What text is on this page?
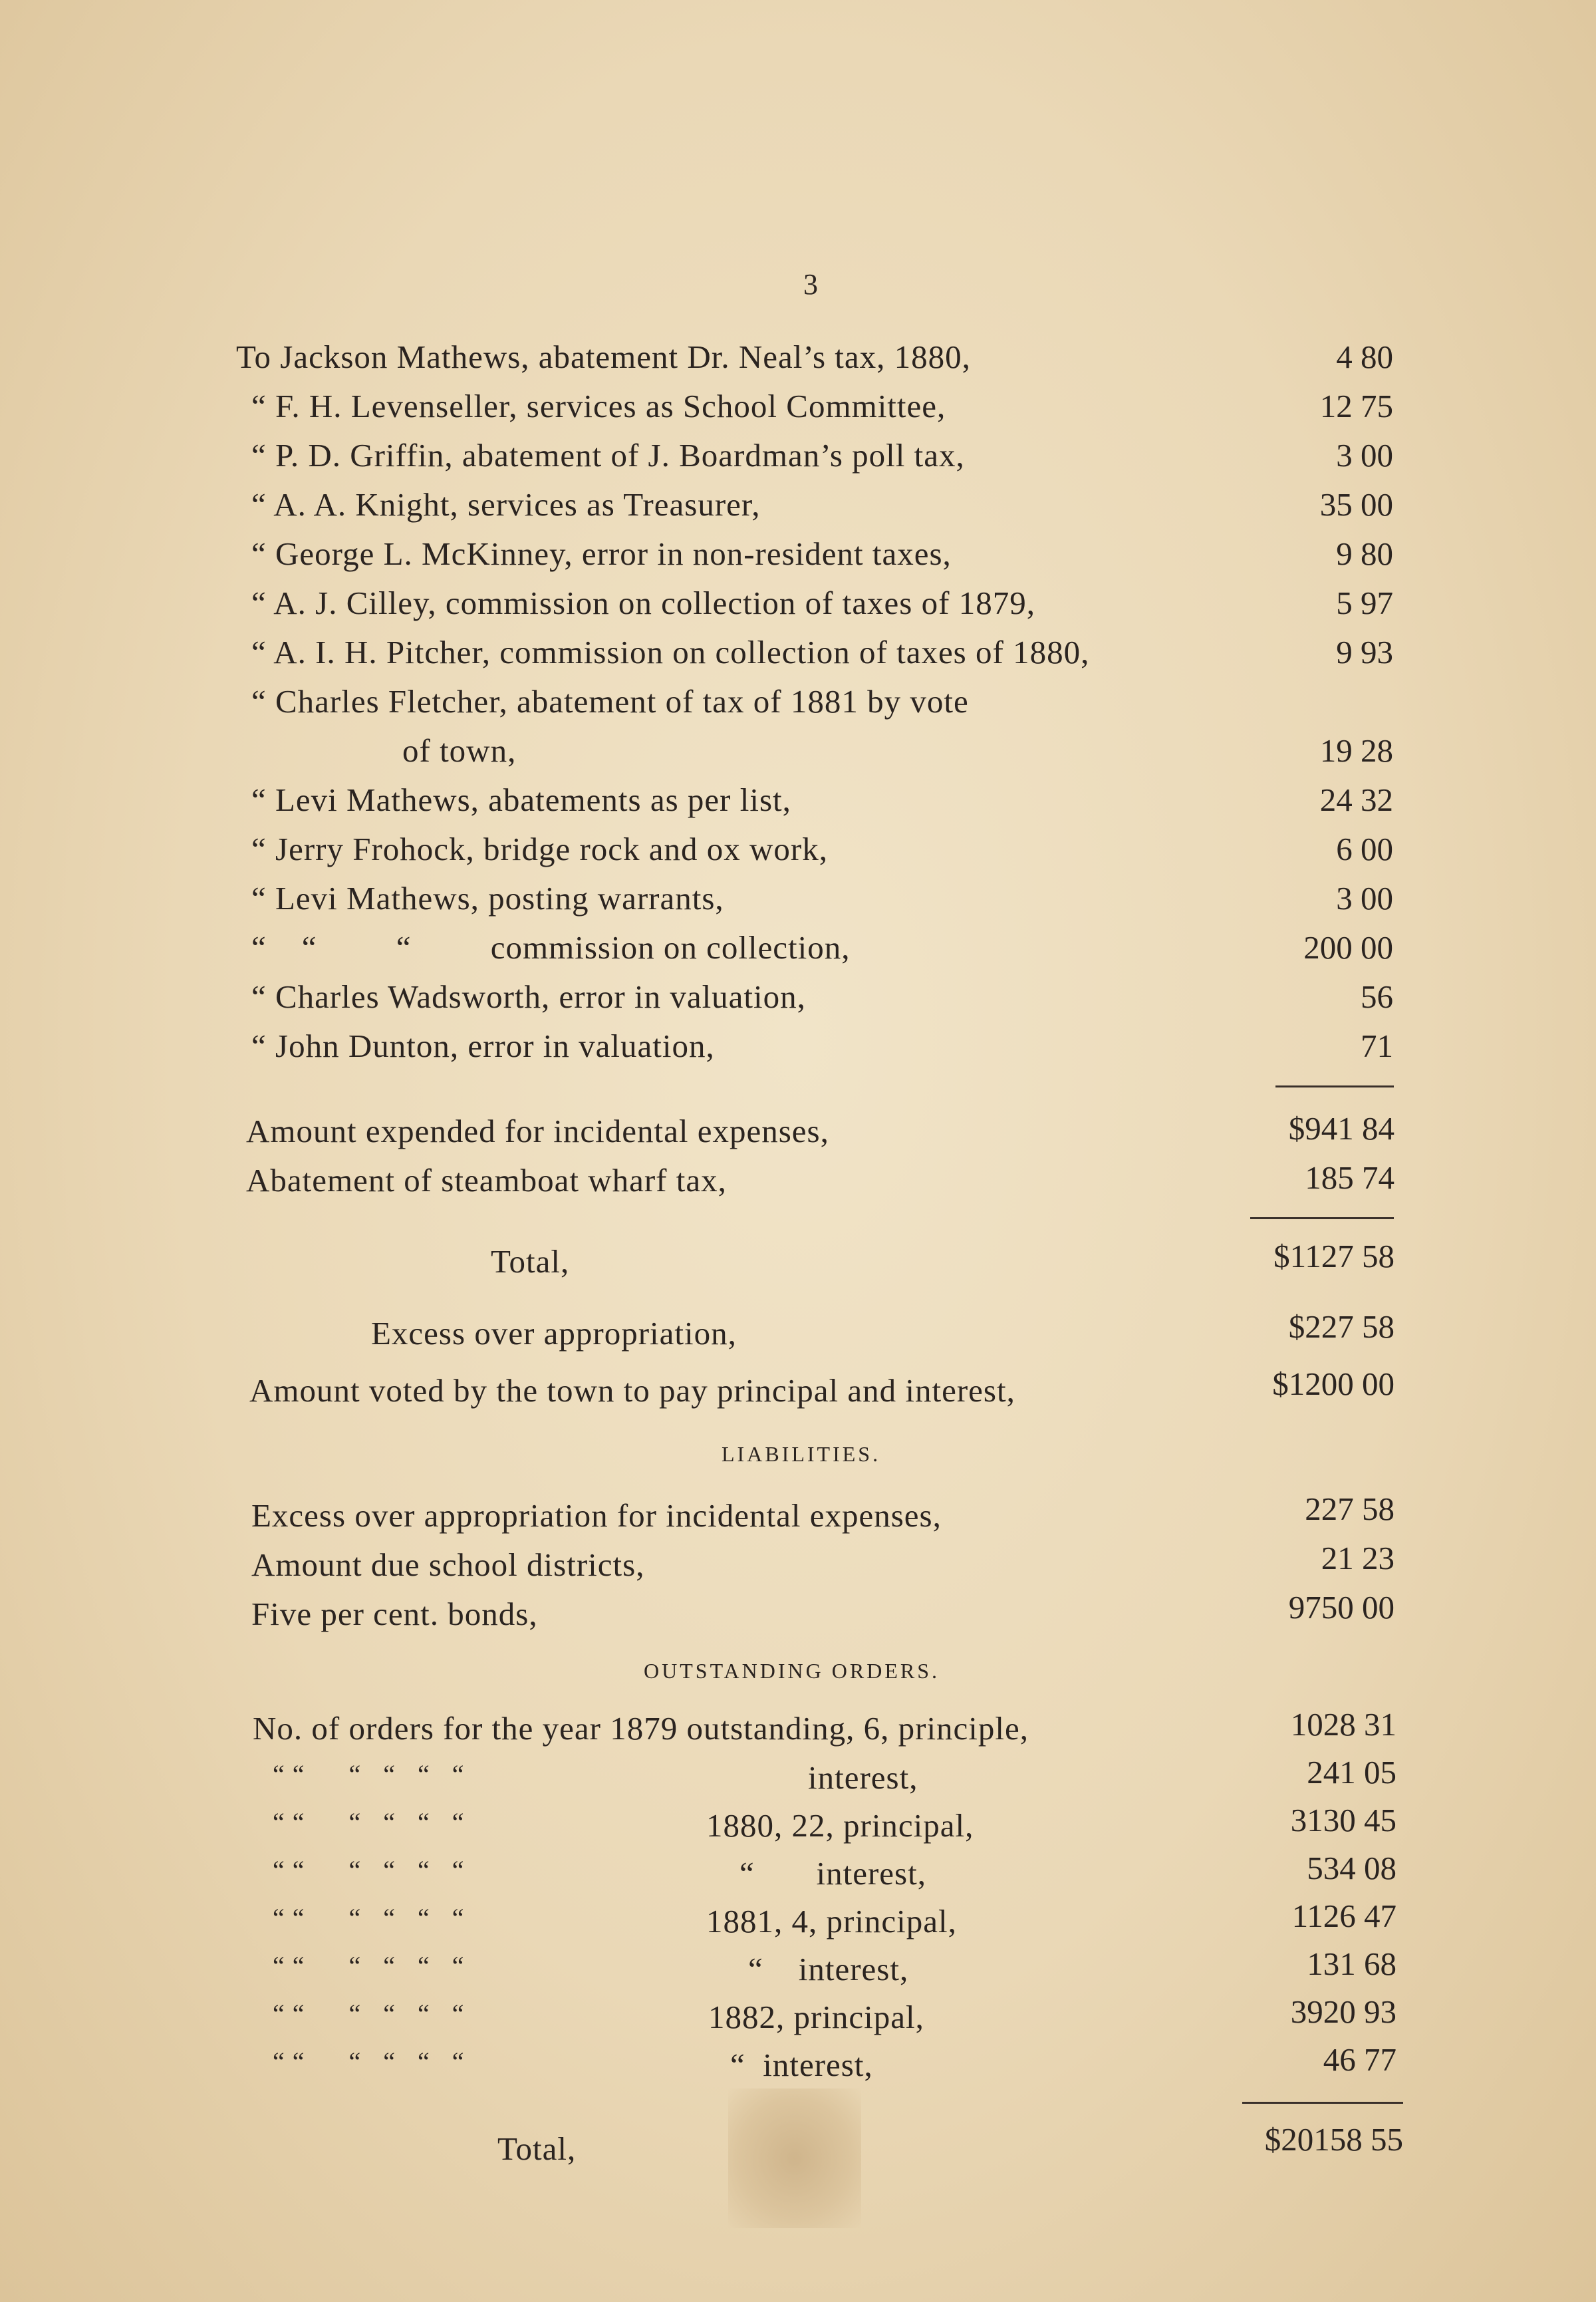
3
To Jackson Mathews, abatement Dr. Neal’s tax, 1880,	4 80
“ F. H. Levenseller, services as School Committee,	12 75
“ P. D. Griffin, abatement of J. Boardman’s poll tax,	3 00
“ A. A. Knight, services as Treasurer,	35 00
“ George L. McKinney, error in non-resident taxes,	9 80
“ A. J. Cilley, commission on collection of taxes of 1879,	5 97
“ A. I. H. Pitcher, commission on collection of taxes of 1880,	9 93
“ Charles Fletcher, abatement of tax of 1881 by vote
of town,	19 28
“ Levi Mathews, abatements as per list,	24 32
“ Jerry Frohock, bridge rock and ox work,	6 00
“ Levi Mathews, posting warrants,	3 00
“    “         “         commission on collection,	200 00
“ Charles Wadsworth, error in valuation,	56
“ John Dunton, error in valuation,	71
Amount expended for incidental expenses,	$941 84
Abatement of steamboat wharf tax,	185 74
Total,	$1127 58
Excess over appropriation,	$227 58
Amount voted by the town to pay principal and interest,	$1200 00
LIABILITIES.
Excess over appropriation for incidental expenses,	227 58
Amount due school districts,	21 23
Five per cent. bonds,	9750 00
OUTSTANDING ORDERS.
No. of orders for the year 1879 outstanding, 6, principle,	1028 31
“ “      “   “   “   “	interest,	241 05
“ “      “   “   “   “	1880, 22, principal,	3130 45
“ “      “   “   “   “	“       interest,	534 08
“ “      “   “   “   “	1881, 4, principal,	1126 47
“ “      “   “   “   “	“    interest,	131 68
“ “      “   “   “   “	1882, principal,	3920 93
“ “      “   “   “   “	“  interest,	46 77
Total,	$20158 55
